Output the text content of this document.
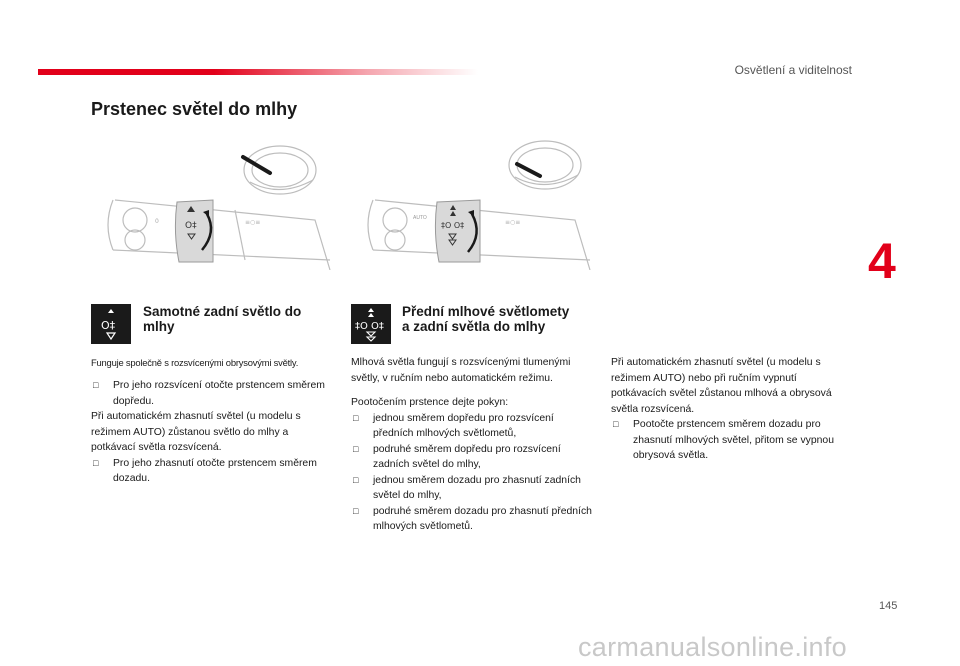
Osvětlení a viditelnost
Prstenec světel do mlhy
4
O‡
0	≡○≡
AUTO
‡O O‡	≡○≡
O‡
Samotné zadní světlo do
mlhy
Funguje společně s rozsvícenými obrysovými světly.
Pro jeho rozsvícení otočte prstencem směrem dopředu. □

Při automatickém zhasnutí světel (u modelu s režimem AUTO) zůstanou světlo do mlhy a potkávací světla rozsvícená.

Pro jeho zhasnutí otočte prstencem směrem dozadu. □
‡O O‡
Přední mlhové světlomety
a zadní světla do mlhy

Mlhová světla fungují s rozsvícenými tlumenými světly, v ručním nebo automatickém režimu.

Pootočením prstence dejte pokyn:

jednou směrem dopředu pro rozsvícení předních mlhových světlometů, □
podruhé směrem dopředu pro rozsvícení zadních světel do mlhy, □
jednou směrem dozadu pro zhasnutí zadních světel do mlhy, □
podruhé směrem dozadu pro zhasnutí předních mlhových světlometů. □

Při automatickém zhasnutí světel (u modelu s režimem AUTO) nebo při ručním vypnutí potkávacích světel zůstanou mlhová a obrysová světla rozsvícená.

Pootočte prstencem směrem dozadu pro zhasnutí mlhových světel, přitom se vypnou obrysová světla. □
145
carmanualsonline.info
